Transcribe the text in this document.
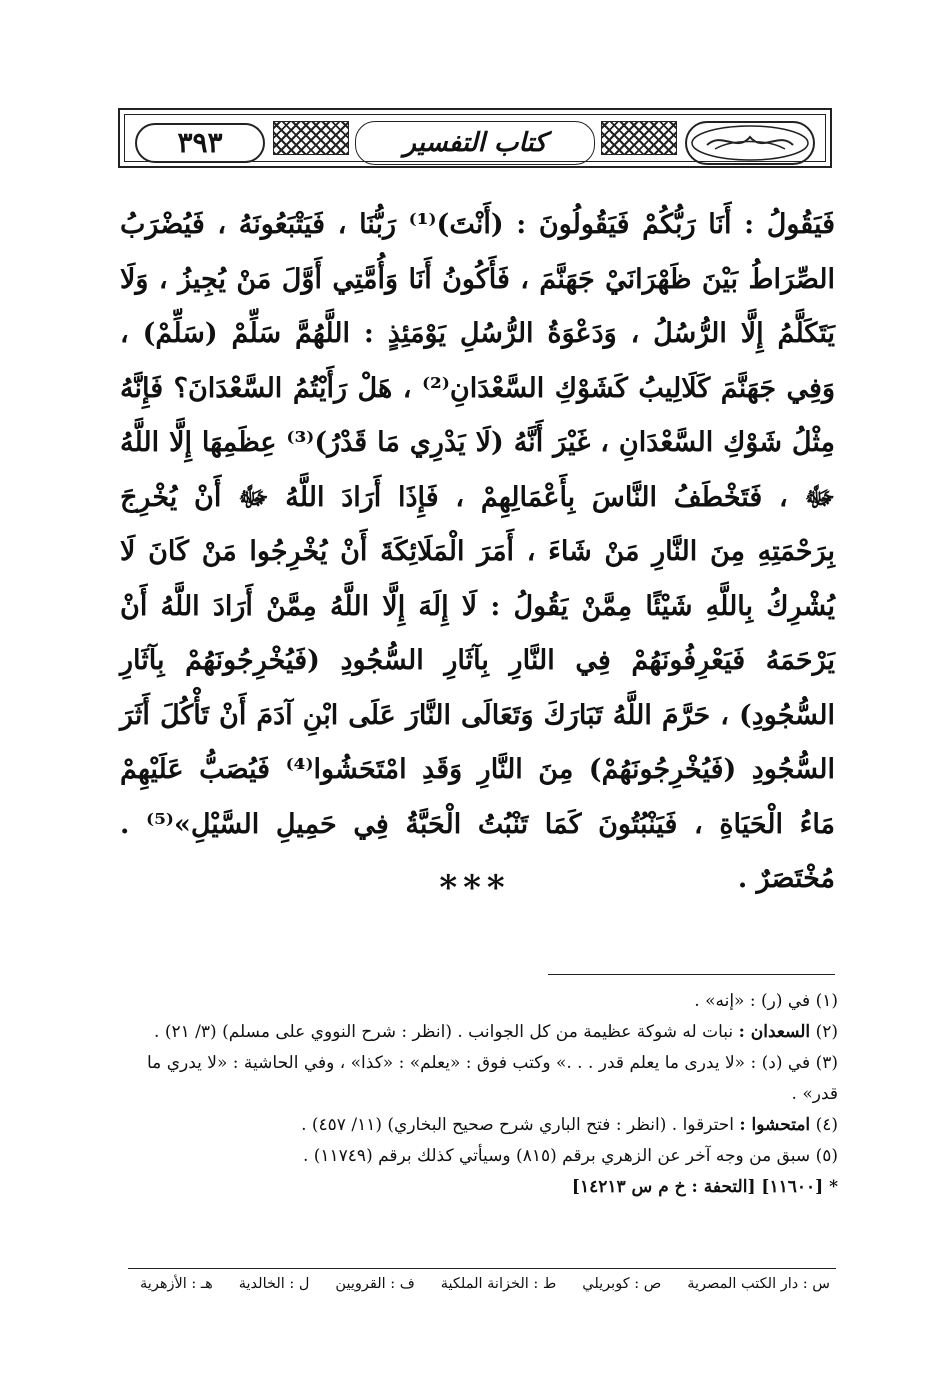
٣٩٣	كتاب التفسير

فَيَقُولُ : أَنَا رَبُّكُمْ فَيَقُولُونَ : (أَنْتَ)⁽¹⁾ رَبُّنَا ، فَيَتْبَعُونَهُ ، فَيُضْرَبُ الصِّرَاطُ بَيْنَ ظَهْرَانَيْ جَهَنَّمَ ، فَأَكُونُ أَنَا وَأُمَّتِي أَوَّلَ مَنْ يُجِيزُ ، وَلَا يَتَكَلَّمُ إِلَّا الرُّسُلُ ، وَدَعْوَةُ الرُّسُلِ يَوْمَئِذٍ : اللَّهُمَّ سَلِّمْ (سَلِّمْ) ، وَفِي جَهَنَّمَ كَلَالِيبُ كَشَوْكِ السَّعْدَانِ⁽²⁾ ، هَلْ رَأَيْتُمُ السَّعْدَانَ؟ فَإِنَّهُ مِثْلُ شَوْكِ السَّعْدَانِ ، غَيْرَ أَنَّهُ (لَا يَدْرِي مَا قَدْرُ)⁽³⁾ عِظَمِهَا إِلَّا اللَّهُ ﷻ ، فَتَخْطَفُ النَّاسَ بِأَعْمَالِهِمْ ، فَإِذَا أَرَادَ اللَّهُ ﷻ أَنْ يُخْرِجَ بِرَحْمَتِهِ مِنَ النَّارِ مَنْ شَاءَ ، أَمَرَ الْمَلَائِكَةَ أَنْ يُخْرِجُوا مَنْ كَانَ لَا يُشْرِكُ بِاللَّهِ شَيْئًا مِمَّنْ يَقُولُ : لَا إِلَهَ إِلَّا اللَّهُ مِمَّنْ أَرَادَ اللَّهُ أَنْ يَرْحَمَهُ فَيَعْرِفُونَهُمْ فِي النَّارِ بِآثَارِ السُّجُودِ (فَيُخْرِجُونَهُمْ بِآثَارِ السُّجُودِ) ، حَرَّمَ اللَّهُ تَبَارَكَ وَتَعَالَى النَّارَ عَلَى ابْنِ آدَمَ أَنْ تَأْكُلَ أَثَرَ السُّجُودِ (فَيُخْرِجُونَهُمْ) مِنَ النَّارِ وَقَدِ امْتَحَشُوا⁽⁴⁾ فَيُصَبُّ عَلَيْهِمْ مَاءُ الْحَيَاةِ ، فَيَنْبُتُونَ كَمَا تَنْبُتُ الْحَبَّةُ فِي حَمِيلِ السَّيْلِ»⁽⁵⁾ . مُخْتَصَرٌ .

***
(١) في (ر) : «إنه» .
(٢) السعدان : نبات له شوكة عظيمة من كل الجوانب . (انظر : شرح النووي على مسلم) (٣/ ٢١) .
(٣) في (د) : «لا يدرى ما يعلم قدر . . .» وكتب فوق : «يعلم» : «كذا» ، وفي الحاشية : «لا يدري ما قدر» .
(٤) امتحشوا : احترقوا . (انظر : فتح الباري شرح صحيح البخاري) (١١/ ٤٥٧) .
(٥) سبق من وجه آخر عن الزهري برقم (٨١٥) وسيأتي كذلك برقم (١١٧٤٩) .
* [١١٦٠٠] [التحفة : خ م س ١٤٢١٣]
س : دار الكتب المصرية
ص : كوبريلي
ط : الخزانة الملكية
ف : القرويين
ل : الخالدية
هـ : الأزهرية
